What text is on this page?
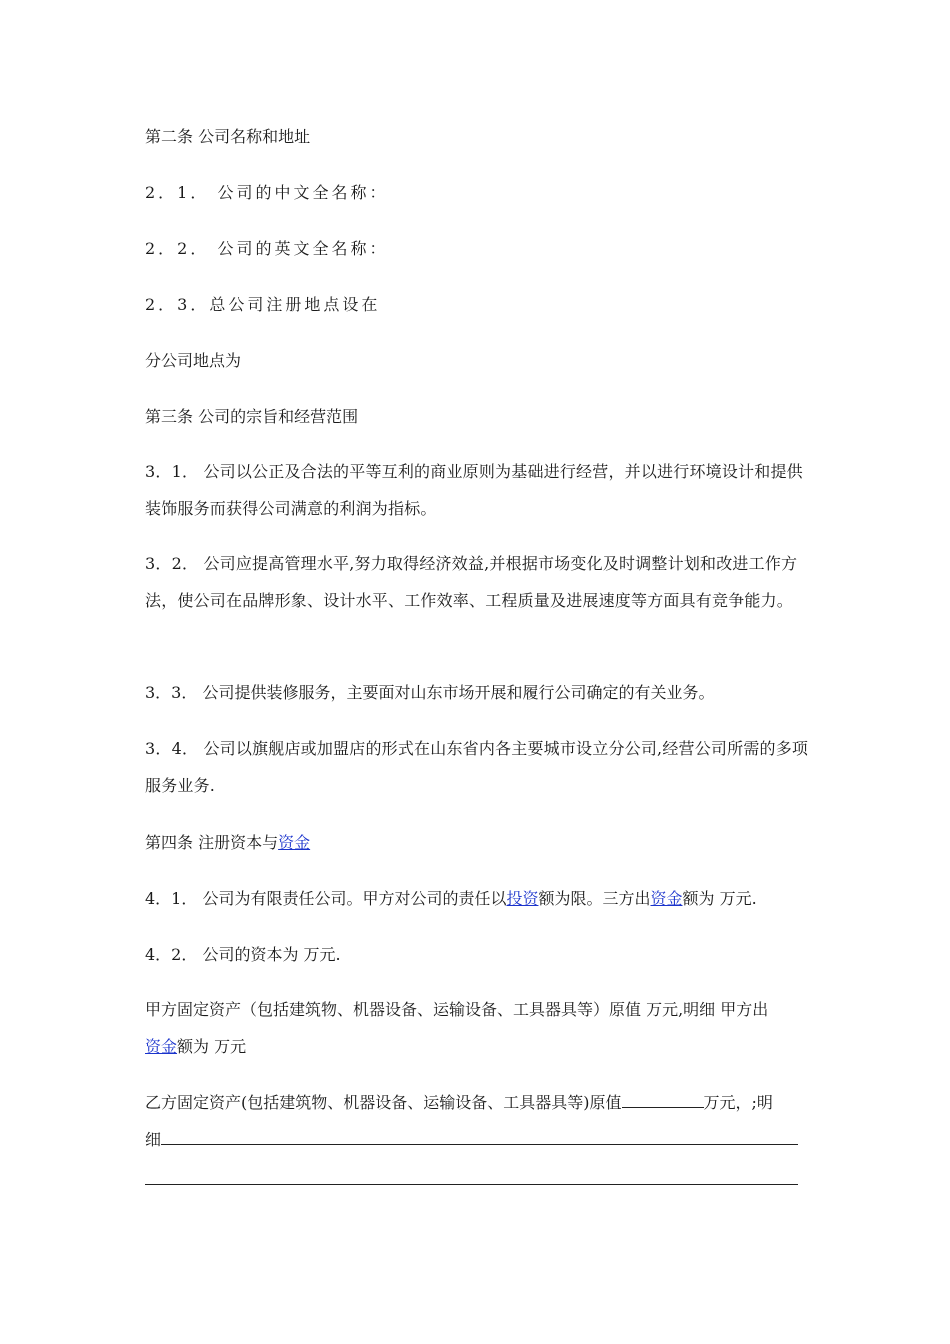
第二条 公司名称和地址

2．1． 公司的中文全名称：

2．2． 公司的英文全名称：

2．3．总公司注册地点设在

分公司地点为

第三条 公司的宗旨和经营范围

3．1． 公司以公正及合法的平等互利的商业原则为基础进行经营，并以进行环境设计和提供装饰服务而获得公司满意的利润为指标。

3．2． 公司应提高管理水平,努力取得经济效益,并根据市场变化及时调整计划和改进工作方法，使公司在品牌形象、设计水平、工作效率、工程质量及进展速度等方面具有竞争能力。

3．3． 公司提供装修服务，主要面对山东市场开展和履行公司确定的有关业务。

3．4． 公司以旗舰店或加盟店的形式在山东省内各主要城市设立分公司,经营公司所需的多项服务业务.

第四条 注册资本与资金

4．1． 公司为有限责任公司。甲方对公司的责任以投资额为限。三方出资金额为 万元.

4．2． 公司的资本为 万元.

甲方固定资产（包括建筑物、机器设备、运输设备、工具器具等）原值 万元,明细 甲方出

资金额为 万元

乙方固定资产(包括建筑物、机器设备、运输设备、工具器具等)原值	万元，;明

细
